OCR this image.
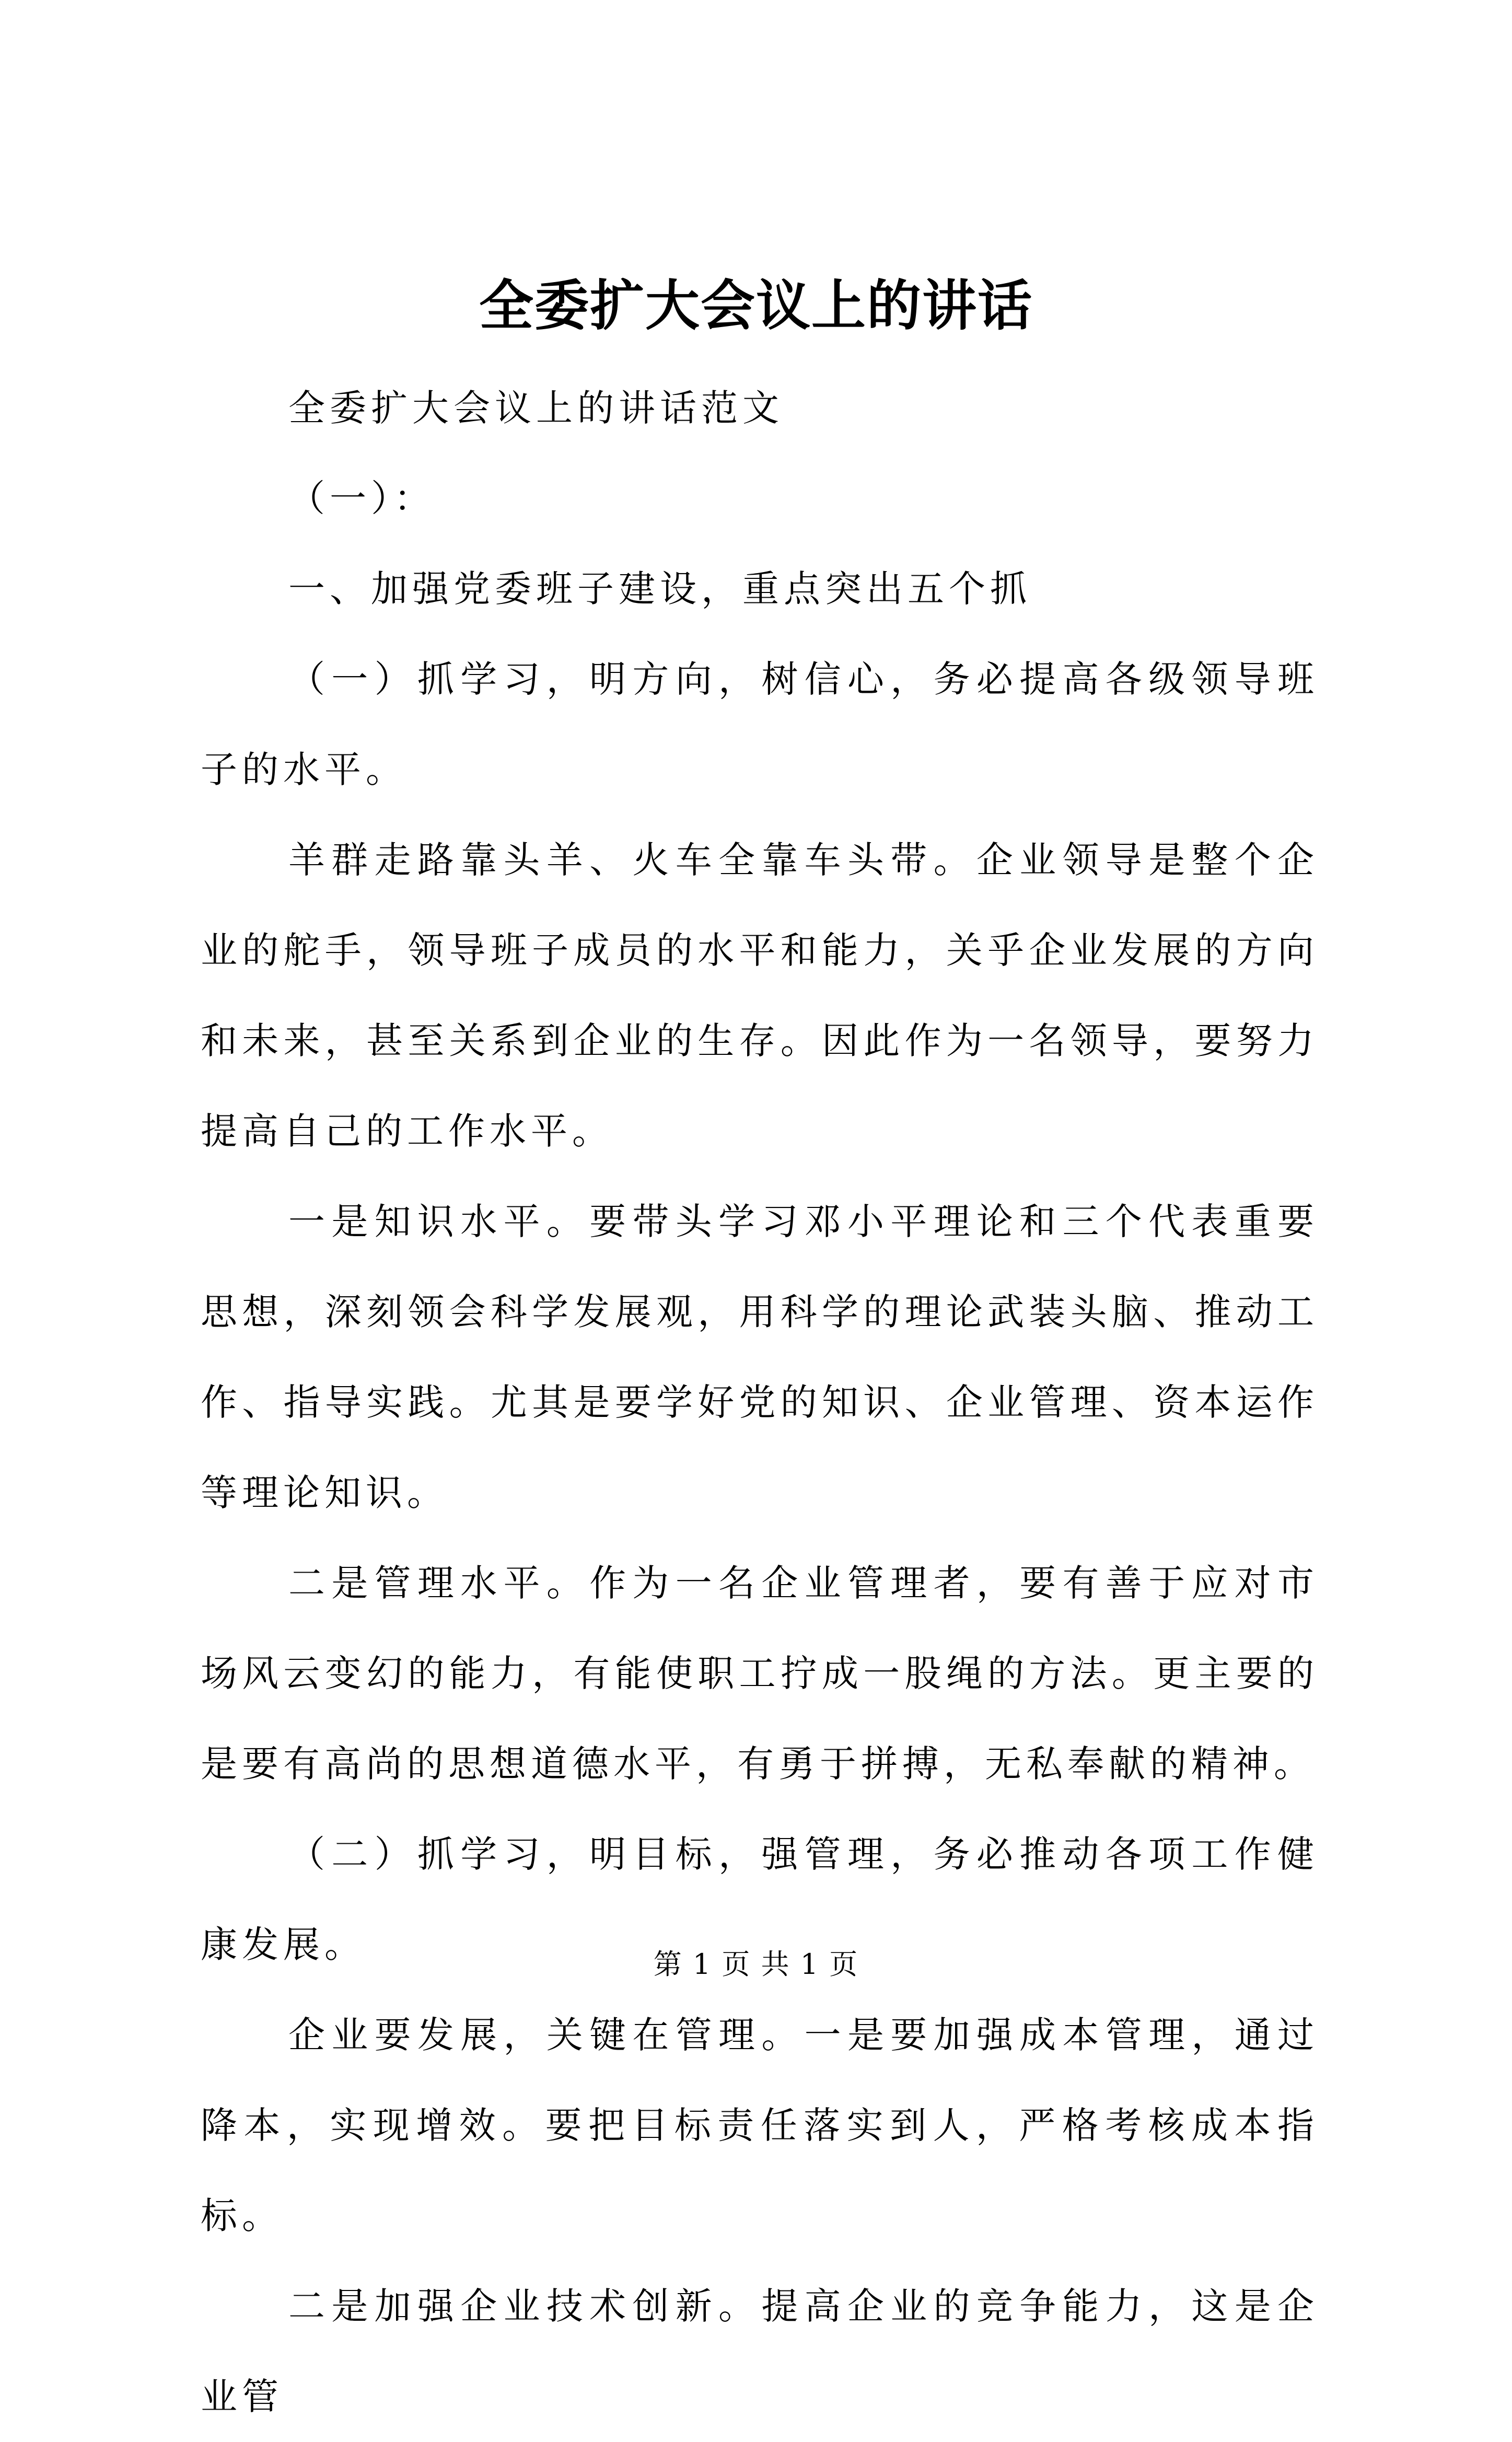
全委扩大会议上的讲话

全委扩大会议上的讲话范文

（一）：

一、加强党委班子建设，重点突出五个抓

（一）抓学习，明方向，树信心，务必提高各级领导班子的水平。

羊群走路靠头羊、火车全靠车头带。企业领导是整个企业的舵手，领导班子成员的水平和能力，关乎企业发展的方向和未来，甚至关系到企业的生存。因此作为一名领导，要努力提高自己的工作水平。

一是知识水平。要带头学习邓小平理论和三个代表重要思想，深刻领会科学发展观，用科学的理论武装头脑、推动工作、指导实践。尤其是要学好党的知识、企业管理、资本运作等理论知识。

二是管理水平。作为一名企业管理者，要有善于应对市场风云变幻的能力，有能使职工拧成一股绳的方法。更主要的是要有高尚的思想道德水平，有勇于拼搏，无私奉献的精神。

（二）抓学习，明目标，强管理，务必推动各项工作健康发展。

企业要发展，关键在管理。一是要加强成本管理，通过降本，实现增效。要把目标责任落实到人，严格考核成本指标。

二是加强企业技术创新。提高企业的竞争能力，这是企业管

第 1 页 共 1 页
